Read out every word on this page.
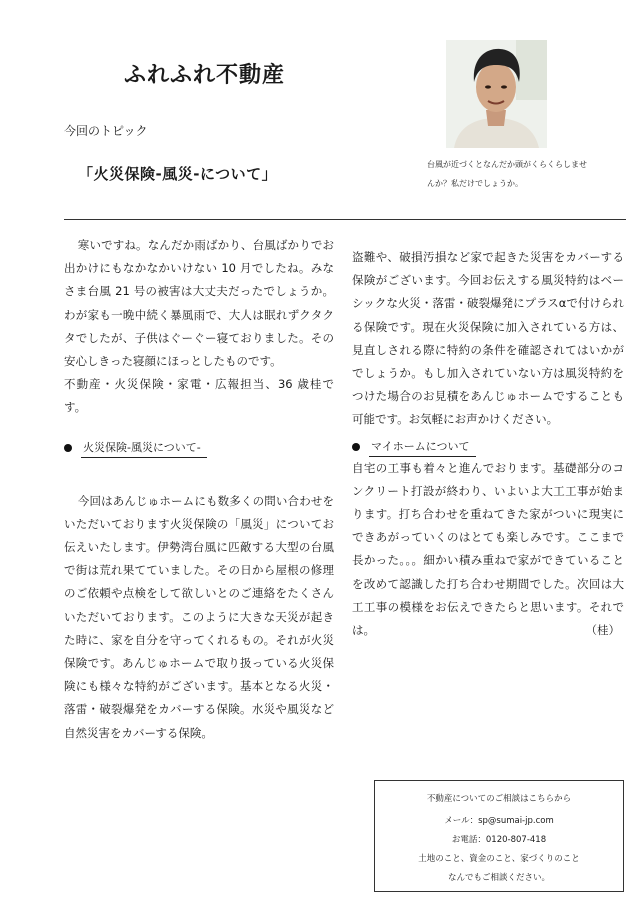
ふれふれ不動産
今回のトピック
「火災保険-風災-について」
台風が近づくとなんだか頭がくらくらしませ
んか？私だけでしょうか。

寒いですね。なんだか雨ばかり、台風ばかりでお出かけにもなかなかいけない 10 月でしたね。みなさま台風 21 号の被害は大丈夫だったでしょうか。わが家も一晩中続く暴風雨で、大人は眠れずクタクタでしたが、子供はぐーぐー寝ておりました。その安心しきった寝顔にほっとしたものです。

不動産・火災保険・家電・広報担当、36 歳桂です。

火災保険-風災について-

今回はあんじゅホームにも数多くの問い合わせをいただいております火災保険の「風災」についてお伝えいたします。伊勢湾台風に匹敵する大型の台風で街は荒れ果てていました。その日から屋根の修理のご依頼や点検をして欲しいとのご連絡をたくさんいただいております。このように大きな天災が起きた時に、家を自分を守ってくれるもの。それが火災保険です。あんじゅホームで取り扱っている火災保険にも様々な特約がございます。基本となる火災・落雷・破裂爆発をカバーする保険。水災や風災など自然災害をカバーする保険。

盗難や、破損汚損など家で起きた災害をカバーする保険がございます。今回お伝えする風災特約はベーシックな火災・落雷・破裂爆発にプラスαで付けられる保険です。現在火災保険に加入されている方は、見直しされる際に特約の条件を確認されてはいかがでしょうか。もし加入されていない方は風災特約をつけた場合のお見積をあんじゅホームですることも可能です。お気軽にお声かけください。

マイホームについて

自宅の工事も着々と進んでおります。基礎部分のコンクリート打設が終わり、いよいよ大工工事が始まります。打ち合わせを重ねてきた家がついに現実にできあがっていくのはとても楽しみです。ここまで長かった。。。細かい積み重ねで家ができていることを改めて認識した打ち合わせ期間でした。次回は大工工事の模様をお伝えできたらと思います。それでは。	（桂）
不動産についてのご相談はこちらから
メール：sp@sumai-jp.com
お電話：0120-807-418
土地のこと、資金のこと、家づくりのこと
なんでもご相談ください。
